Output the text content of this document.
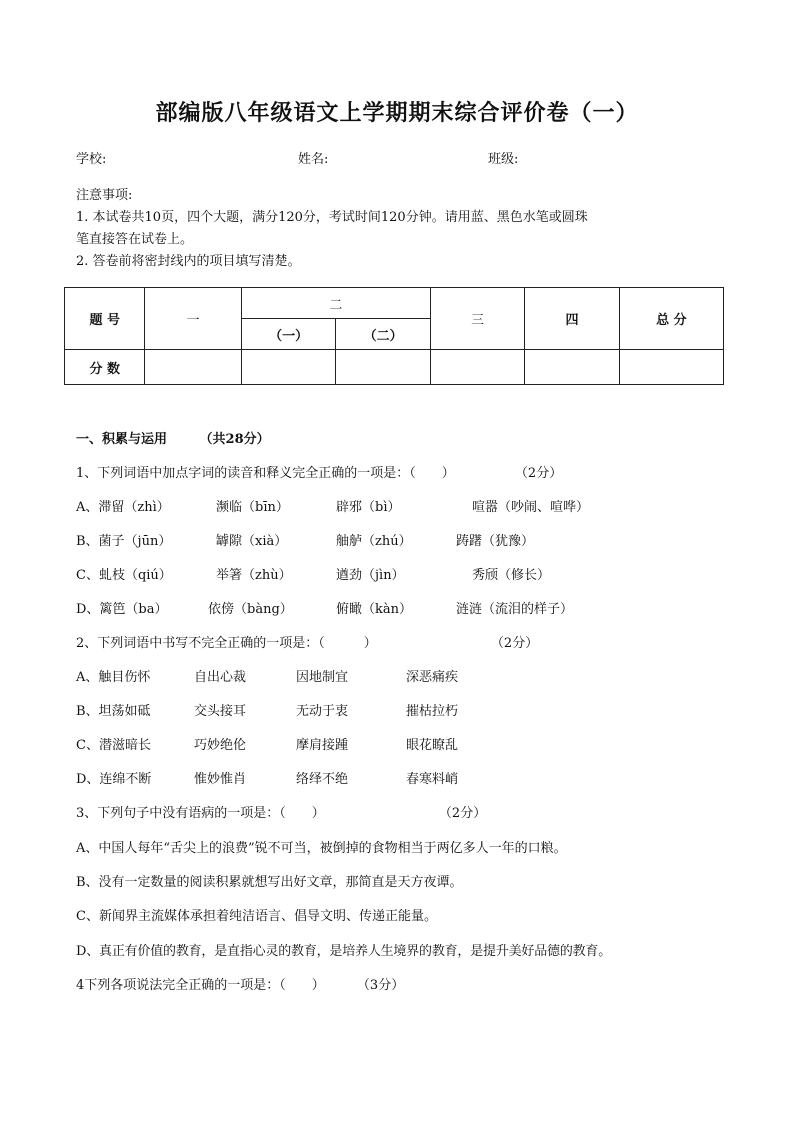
部编版八年级语文上学期期末综合评价卷（一）
学校:	姓名:	班级:
注意事项:
1. 本试卷共10页，四个大题，满分120分，考试时间120分钟。请用蓝、黑色水笔或圆珠
笔直接答在试卷上。
2. 答卷前将密封线内的项目填写清楚。
题 号	一	二		三	四	总 分
		（一）	（二）			
分 数						
一、积累与运用	（共28分）
1、下列词语中加点字词的读音和释义完全正确的一项是：（　　）	（2分）
A、滞留（zhì）	濒临（bīn）	辟邪（bì）	喧嚣（吵闹、喧哗）
B、菌子（jūn）	罅隙（xià）	舳舻（zhú）	踌躇（犹豫）
C、虬枝（qiú）	举箸（zhù）	遒劲（jìn）	秀颀（修长）
D、篱笆（ba）	依傍（bàng）	俯瞰（kàn）	涟涟（流泪的样子）
2、下列词语中书写不完全正确的一项是：（　　　）	（2分）
A、触目伤怀	自出心裁	因地制宜	深恶痛疾
B、坦荡如砥	交头接耳	无动于衷	摧枯拉朽
C、潜滋暗长	巧妙绝伦	摩肩接踵	眼花瞭乱
D、连绵不断	惟妙惟肖	络绎不绝	春寒料峭
3、下列句子中没有语病的一项是：（　　）	（2分）
A、中国人每年“舌尖上的浪费”锐不可当，被倒掉的食物相当于两亿多人一年的口粮。
B、没有一定数量的阅读积累就想写出好文章，那简直是天方夜谭。
C、新闻界主流媒体承担着纯洁语言、倡导文明、传递正能量。
D、真正有价值的教育，是直指心灵的教育，是培养人生境界的教育，是提升美好品德的教育。
4下列各项说法完全正确的一项是：（　　） （3分）
